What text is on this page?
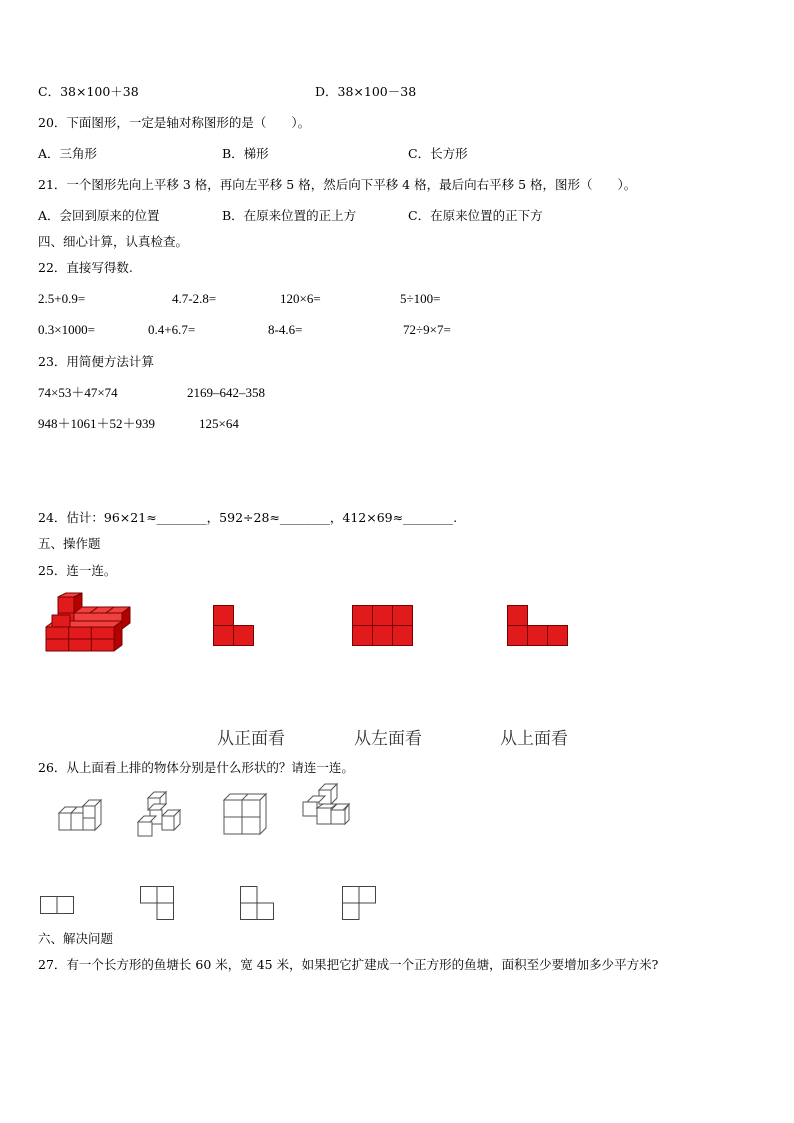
C．38×100＋38	D．38×100－38
20．下面图形，一定是轴对称图形的是（　　）。
A．三角形	B．梯形	C．长方形
21．一个图形先向上平移 3 格，再向左平移 5 格，然后向下平移 4 格，最后向右平移 5 格，图形（　　）。
A．会回到原来的位置	B．在原来位置的正上方	C．在原来位置的正下方
四、细心计算，认真检查。
22．直接写得数.
2.5+0.9=	4.7-2.8=	120×6=	5÷100=
0.3×1000=	0.4+6.7=	8-4.6=	72÷9×7=
23．用简便方法计算
74×53＋47×74	2169–642–358
948＋1061＋52＋939	125×64
24．估计：96×21≈________，592÷28≈________，412×69≈________.
五、操作题
25．连一连。
从正面看	从左面看	从上面看
26．从上面看上排的物体分别是什么形状的？请连一连。
六、解决问题
27．有一个长方形的鱼塘长 60 米，宽 45 米，如果把它扩建成一个正方形的鱼塘，面积至少要增加多少平方米?
